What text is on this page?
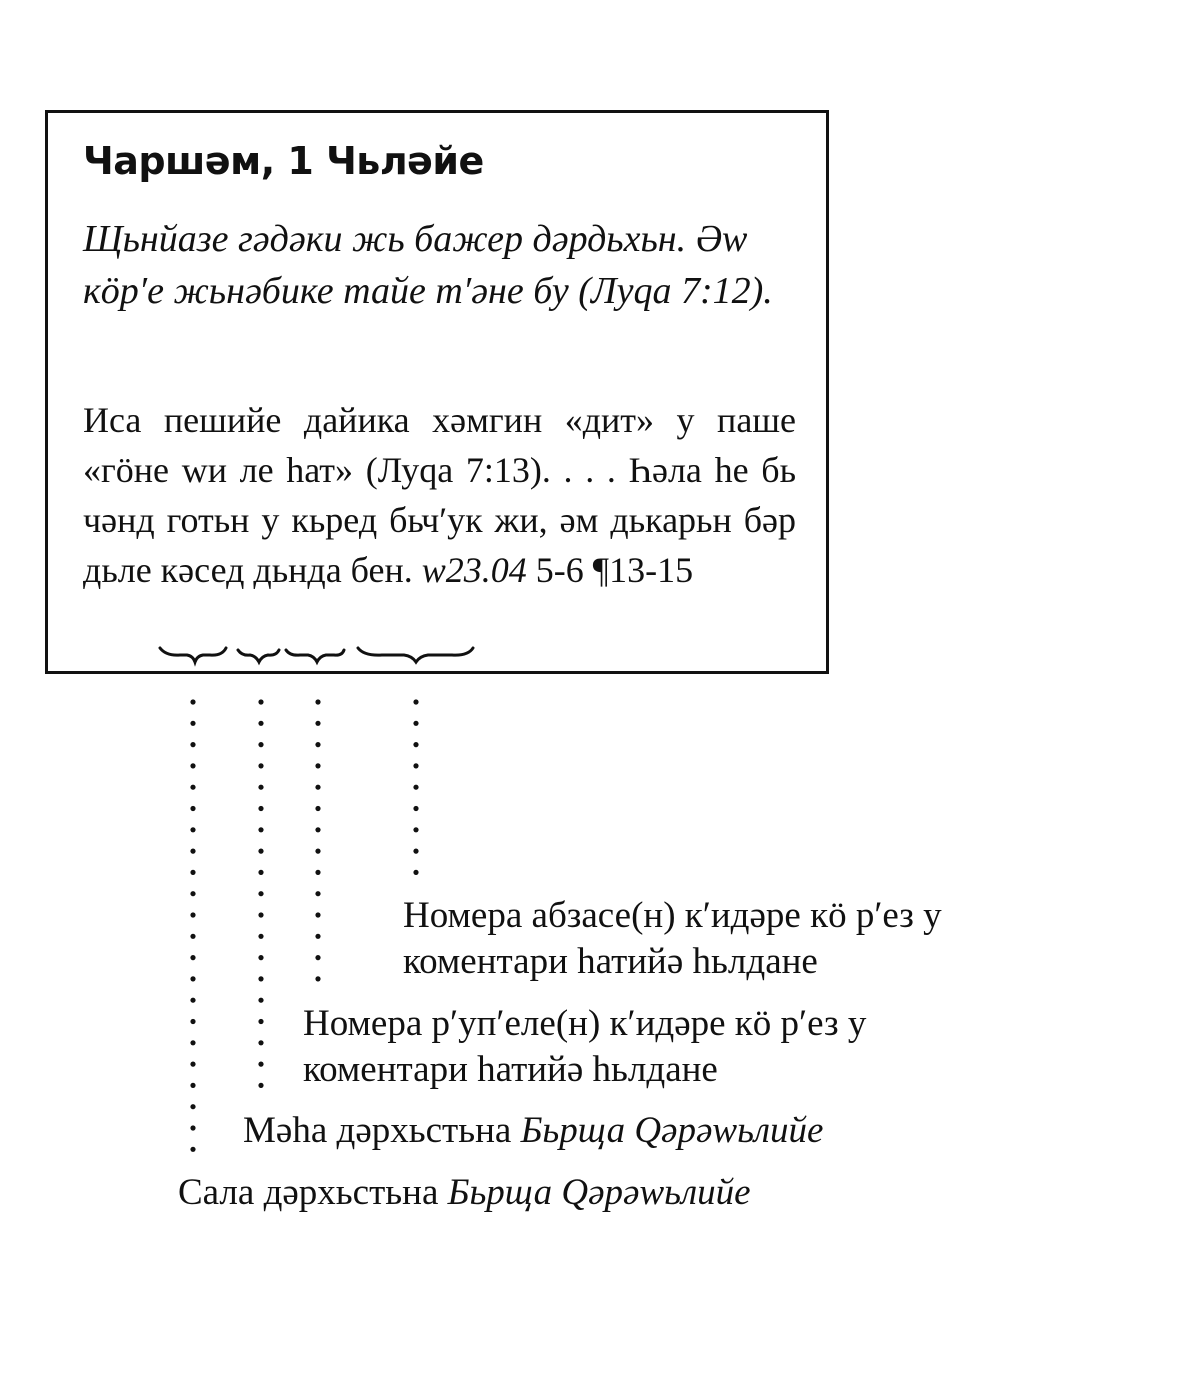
Чаршәм, 1 Чьләйе
Щьнйазе гәдәки жь бажер дәрдьхьн. Әw кӧр′е жьнәбике тайе т′әне бу (Луqа 7:12).
Иса пешийе дайика хәмгин «дит» у паше «гӧне wи ле һат» (Луqа 7:13). . . . Һәла һе бь чәнд готьн у кьред бьч′ук жи, әм дькарьн бәр дьле кәсед дьнда бен. w23.04 5-6 ¶13-15
Номера абзасе(н) к′идәре кӧ р′ез у
коментари һатийә һьлдане
Номера р′уп′еле(н) к′идәре кӧ р′ез у
коментари һатийә һьлдане
Мәһа дәрхьстьна Бьрща Qәрәwьлийе
Сала дәрхьстьна Бьрща Qәрәwьлийе
